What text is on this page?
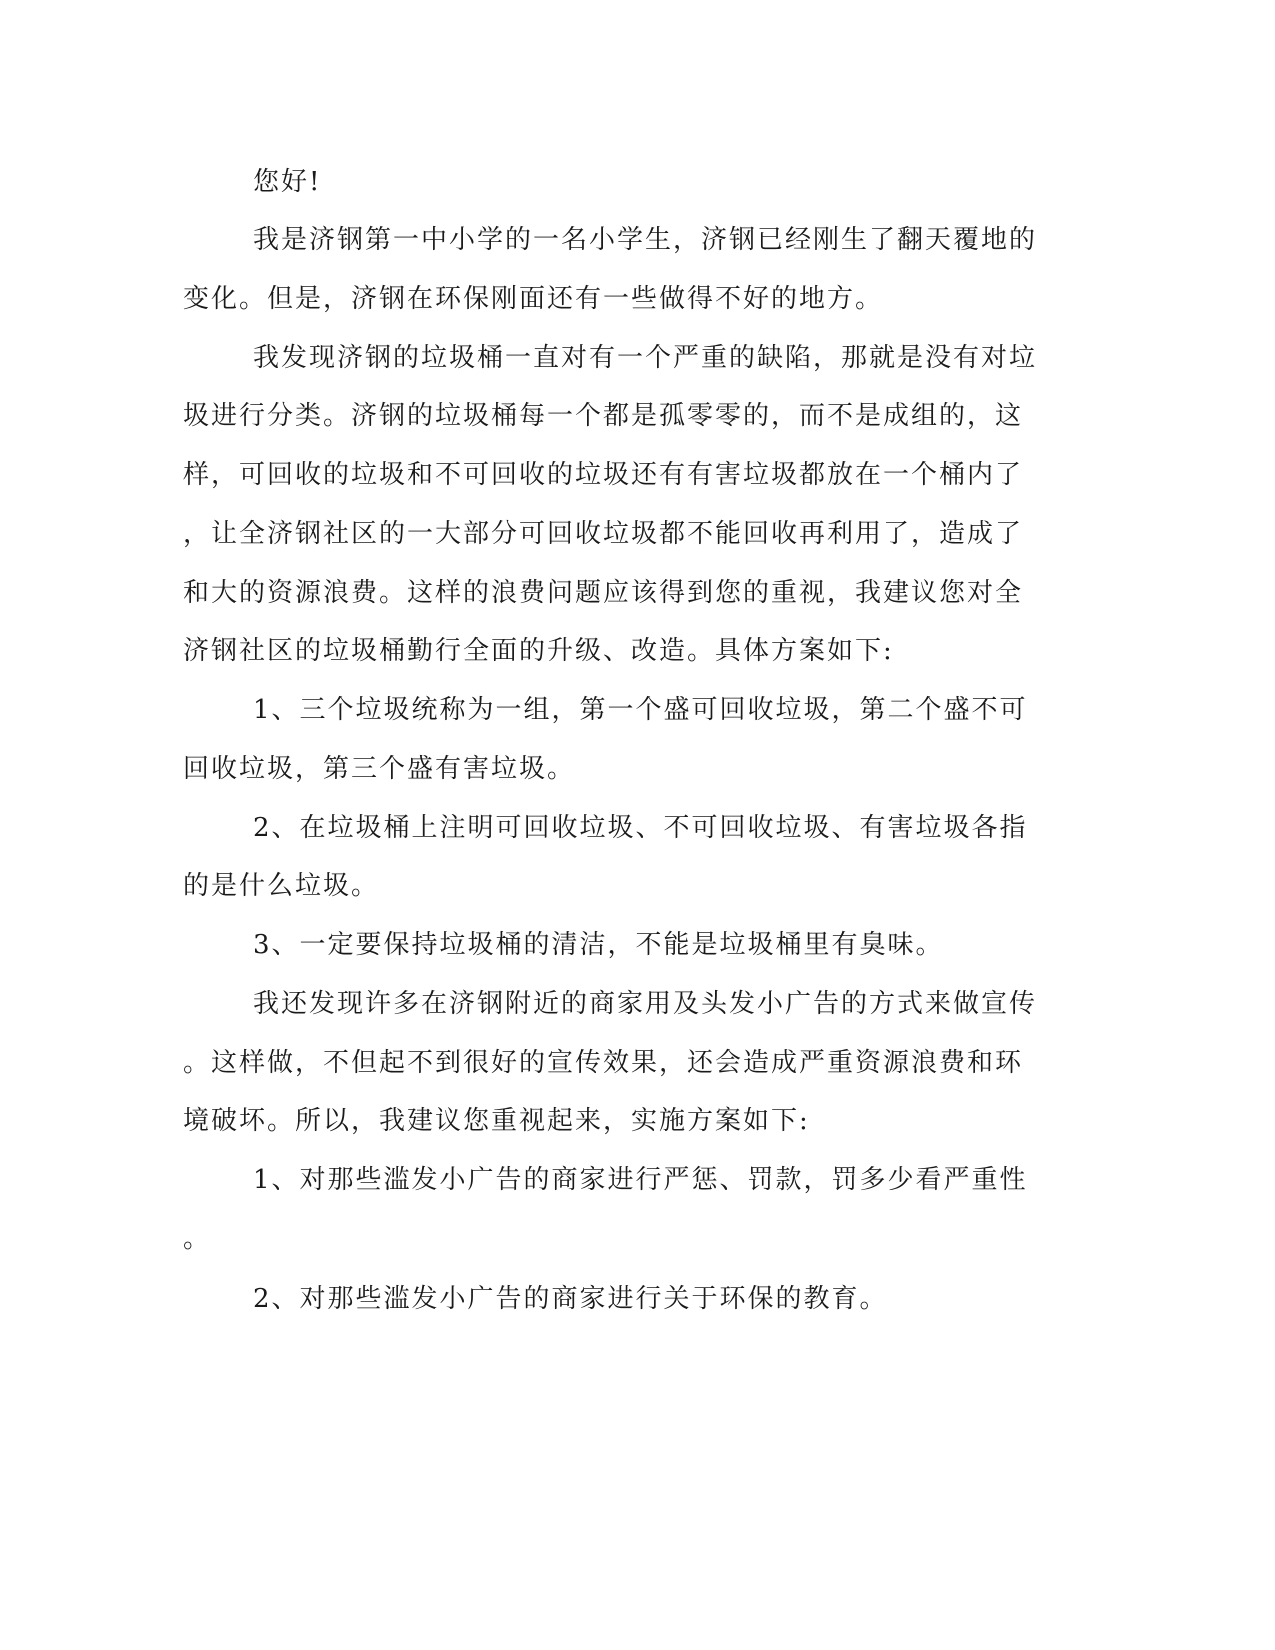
您好!
我是济钢第一中小学的一名小学生，济钢已经刚生了翻天覆地的
变化。但是，济钢在环保刚面还有一些做得不好的地方。
我发现济钢的垃圾桶一直对有一个严重的缺陷，那就是没有对垃
圾进行分类。济钢的垃圾桶每一个都是孤零零的，而不是成组的，这
样，可回收的垃圾和不可回收的垃圾还有有害垃圾都放在一个桶内了
，让全济钢社区的一大部分可回收垃圾都不能回收再利用了，造成了
和大的资源浪费。这样的浪费问题应该得到您的重视，我建议您对全
济钢社区的垃圾桶勤行全面的升级、改造。具体方案如下:
1、三个垃圾统称为一组，第一个盛可回收垃圾，第二个盛不可
回收垃圾，第三个盛有害垃圾。
2、在垃圾桶上注明可回收垃圾、不可回收垃圾、有害垃圾各指
的是什么垃圾。
3、一定要保持垃圾桶的清洁，不能是垃圾桶里有臭味。
我还发现许多在济钢附近的商家用及头发小广告的方式来做宣传
。这样做，不但起不到很好的宣传效果，还会造成严重资源浪费和环
境破坏。所以，我建议您重视起来，实施方案如下:
1、对那些滥发小广告的商家进行严惩、罚款，罚多少看严重性
。
2、对那些滥发小广告的商家进行关于环保的教育。
